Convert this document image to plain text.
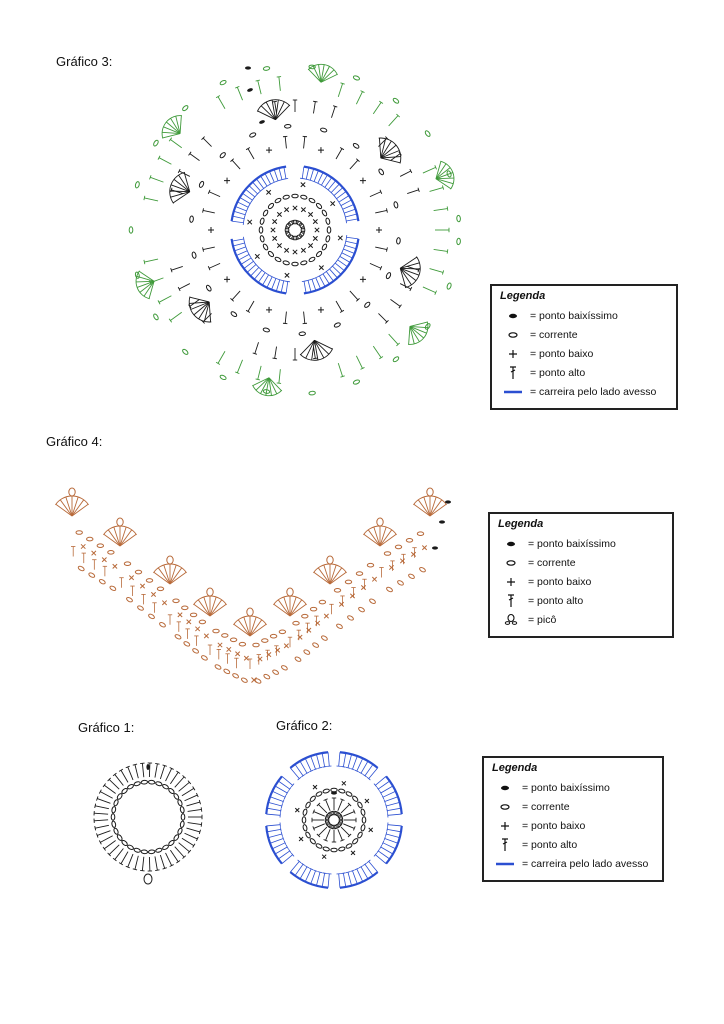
Gráfico 3:
Legenda
= ponto baixíssimo
= corrente
= ponto baixo
= ponto alto
= carreira pelo lado avesso
Gráfico 4:
Legenda
= ponto baixíssimo
= corrente
= ponto baixo
= ponto alto
= picô
Gráfico 1:	Gráfico 2:
Legenda
= ponto baixíssimo
= corrente
= ponto baixo
= ponto alto
= carreira pelo lado avesso
